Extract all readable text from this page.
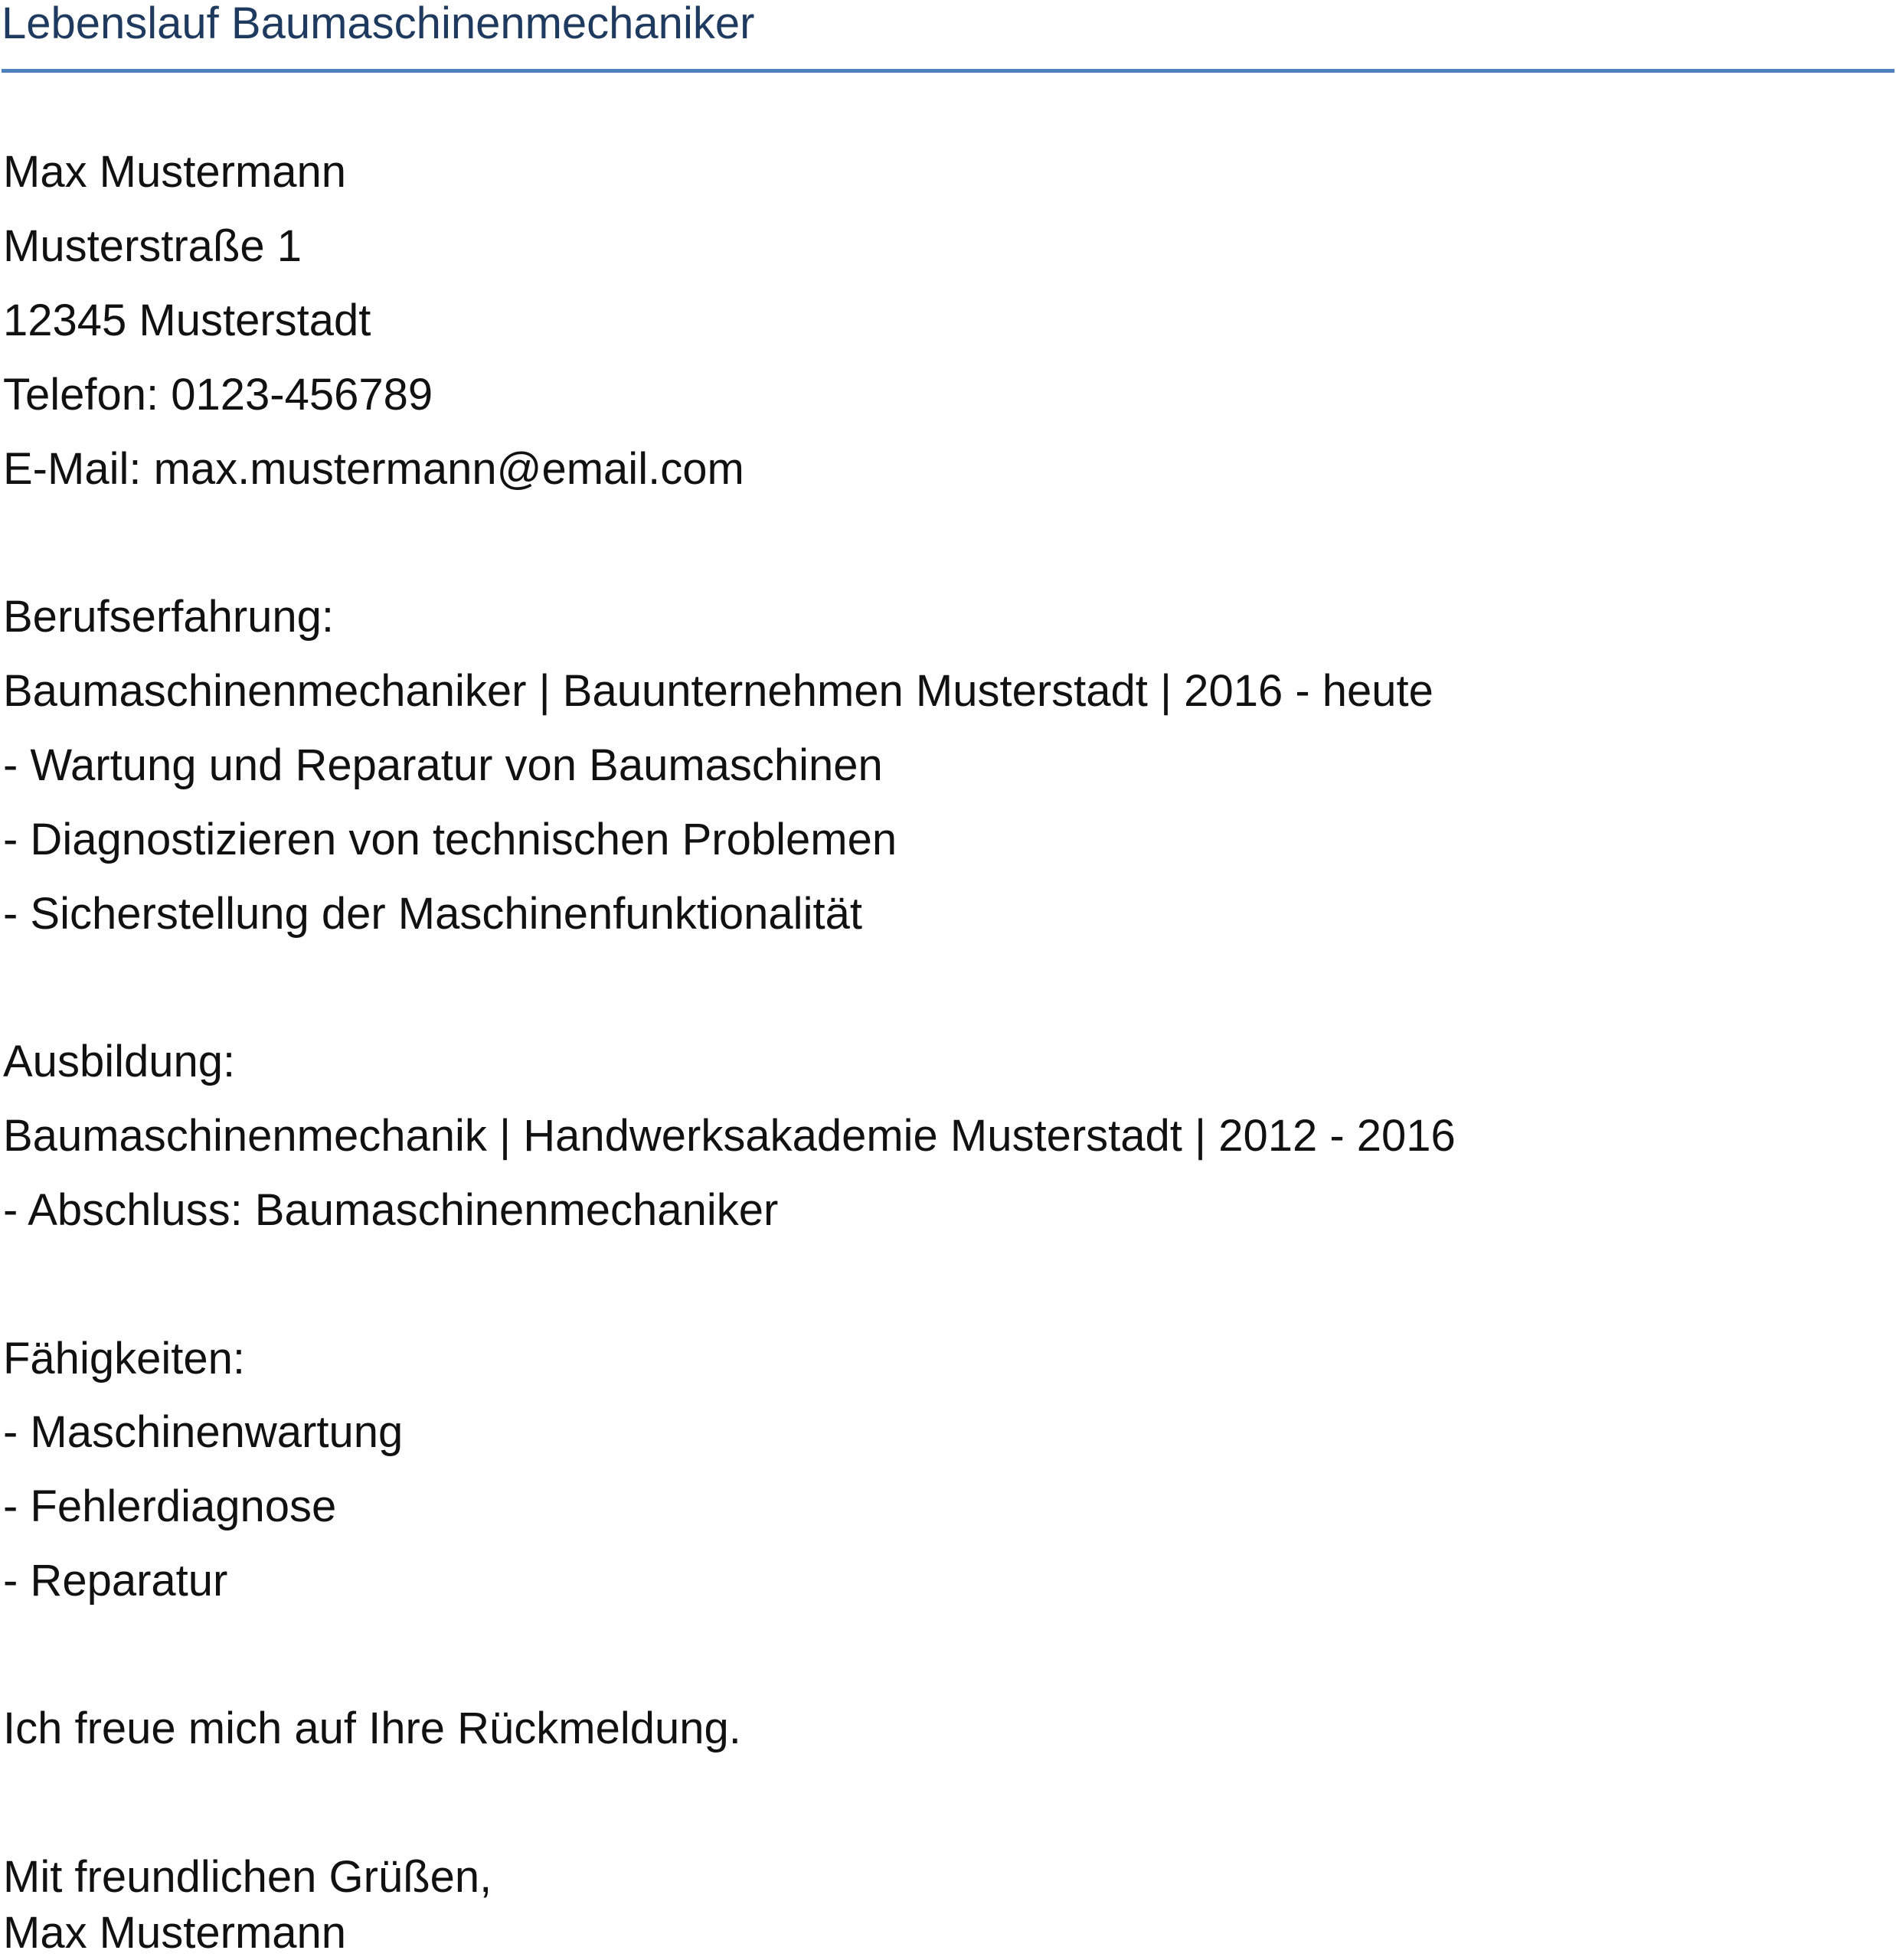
Lebenslauf Baumaschinenmechaniker
Max Mustermann
Musterstraße 1
12345 Musterstadt
Telefon: 0123-456789
E-Mail: max.mustermann@email.com
Berufserfahrung:
Baumaschinenmechaniker | Bauunternehmen Musterstadt | 2016 - heute
- Wartung und Reparatur von Baumaschinen
- Diagnostizieren von technischen Problemen
- Sicherstellung der Maschinenfunktionalität
Ausbildung:
Baumaschinenmechanik | Handwerksakademie Musterstadt | 2012 - 2016
- Abschluss: Baumaschinenmechaniker
Fähigkeiten:
- Maschinenwartung
- Fehlerdiagnose
- Reparatur
Ich freue mich auf Ihre Rückmeldung.
Mit freundlichen Grüßen,
Max Mustermann
